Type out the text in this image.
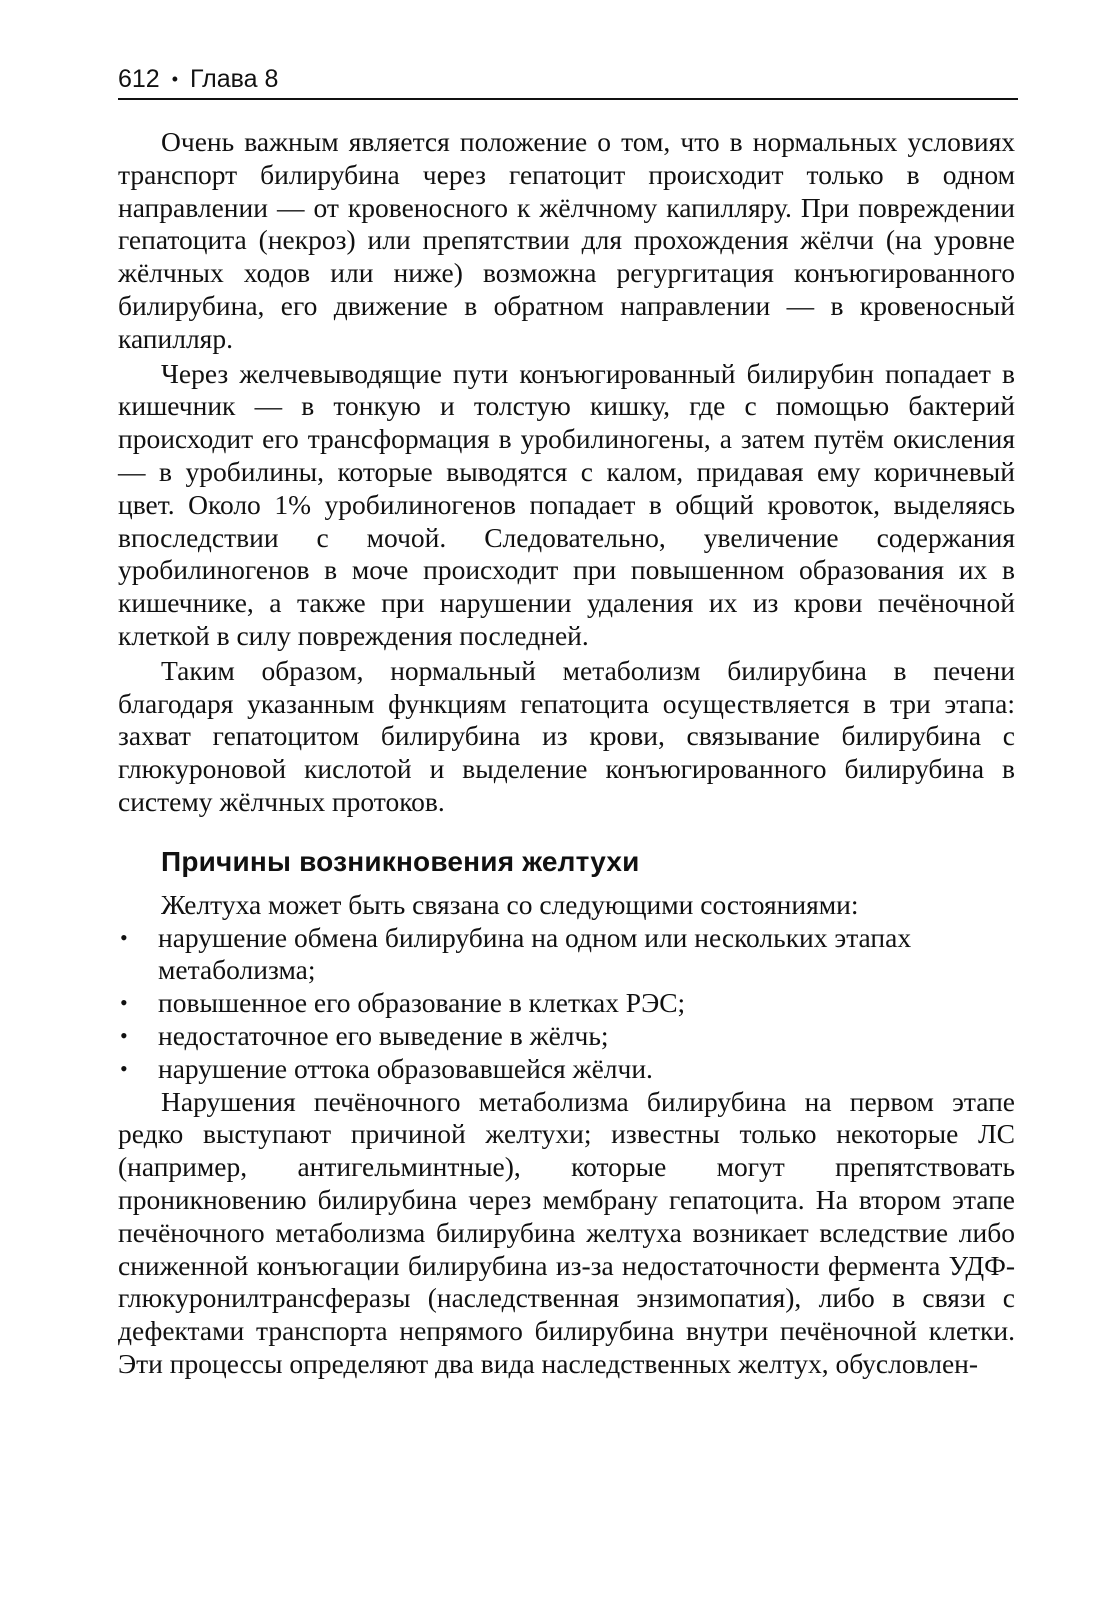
612 • Глава 8

Очень важным является положение о том, что в нормальных условиях транспорт билирубина через гепатоцит происходит только в одном направлении — от кровеносного к жёлчному капилляру. При повреждении гепатоцита (некроз) или препятствии для прохождения жёлчи (на уровне жёлчных ходов или ниже) возможна регургитация конъюгированного билирубина, его движение в обратном направлении — в кровеносный капилляр.

Через желчевыводящие пути конъюгированный билирубин попадает в кишечник — в тонкую и толстую кишку, где с помощью бактерий происходит его трансформация в уробилиногены, а затем путём окисления — в уробилины, которые выводятся с калом, придавая ему коричневый цвет. Около 1% уробилиногенов попадает в общий кровоток, выделяясь впоследствии с мочой. Следовательно, увеличение содержания уробилиногенов в моче происходит при повышенном образования их в кишечнике, а также при нарушении удаления их из крови печёночной клеткой в силу повреждения последней.

Таким образом, нормальный метаболизм билирубина в печени благодаря указанным функциям гепатоцита осуществляется в три этапа: захват гепатоцитом билирубина из крови, связывание билирубина с глюкуроновой кислотой и выделение конъюгированного билирубина в систему жёлчных протоков.

Причины возникновения желтухи

Желтуха может быть связана со следующими состояниями:

•	нарушение обмена билирубина на одном или нескольких этапах метаболизма;
•	повышенное его образование в клетках РЭС;
•	недостаточное его выведение в жёлчь;
•	нарушение оттока образовавшейся жёлчи.

Нарушения печёночного метаболизма билирубина на первом этапе редко выступают причиной желтухи; известны только некоторые ЛС (например, антигельминтные), которые могут препятствовать проникновению билирубина через мембрану гепатоцита. На втором этапе печёночного метаболизма билирубина желтуха возникает вследствие либо сниженной конъюгации билирубина из-за недостаточности фермента УДФ-глюкуронилтрансферазы (наследственная энзимопатия), либо в связи с дефектами транспорта непрямого билирубина внутри печёночной клетки. Эти процессы определяют два вида наследственных желтух, обусловлен-
